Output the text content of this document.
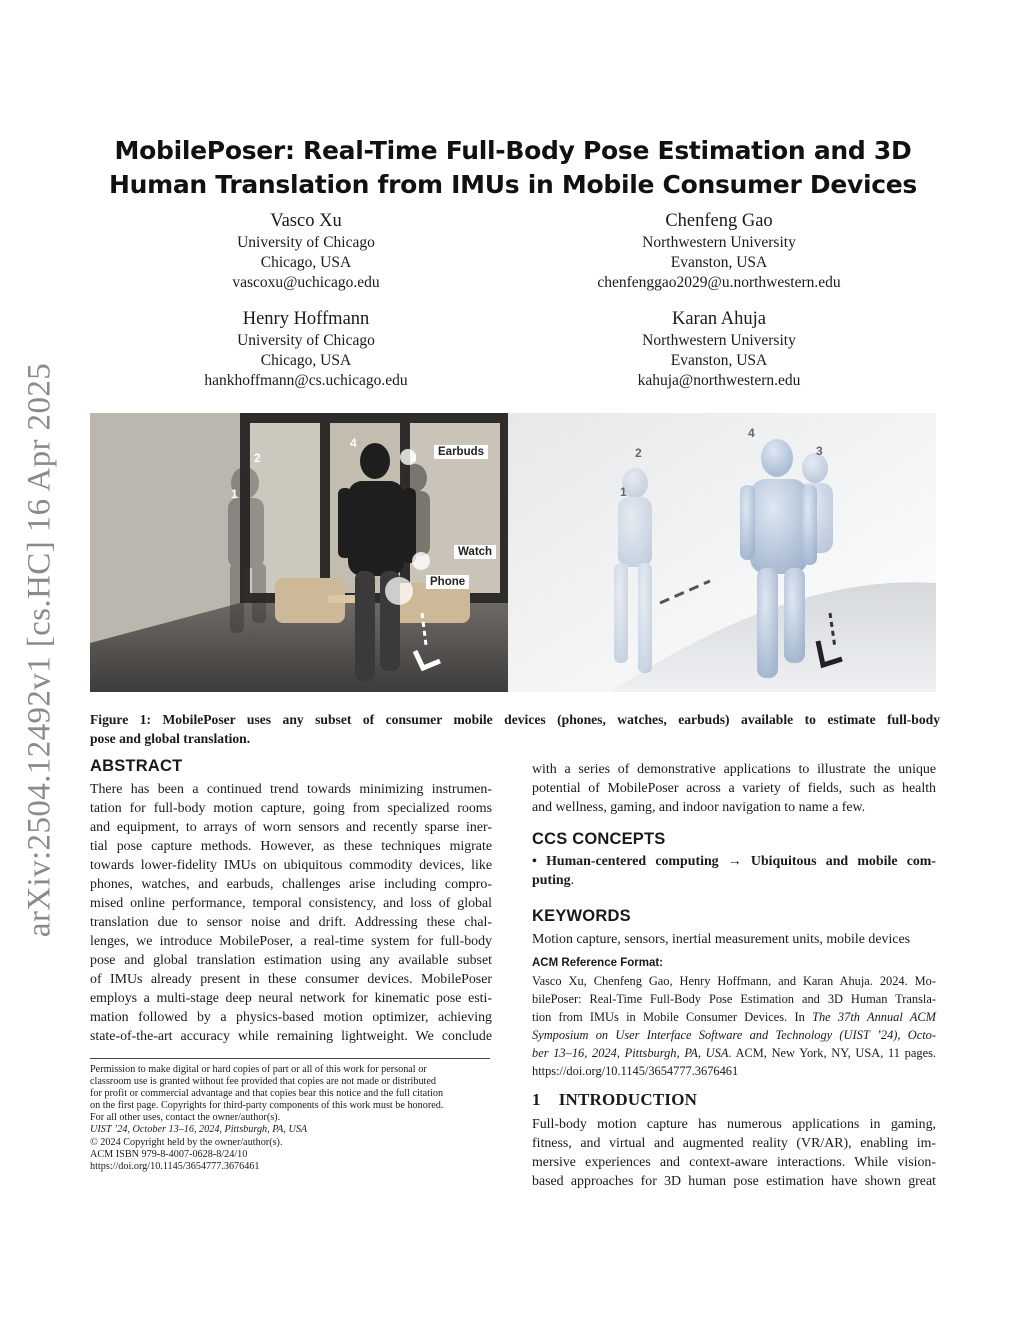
arXiv:2504.12492v1 [cs.HC] 16 Apr 2025
MobilePoser: Real-Time Full-Body Pose Estimation and 3D
Human Translation from IMUs in Mobile Consumer Devices
Vasco Xu
University of Chicago
Chicago, USA
vascoxu@uchicago.edu
Chenfeng Gao
Northwestern University
Evanston, USA
chenfenggao2029@u.northwestern.edu
Henry Hoffmann
University of Chicago
Chicago, USA
hankhoffmann@cs.uchicago.edu
Karan Ahuja
Northwestern University
Evanston, USA
kahuja@northwestern.edu
1
2	3
4
Earbuds
Watch
Phone
1
2	3
4
Figure 1: MobilePoser uses any subset of consumer mobile devices (phones, watches, earbuds) available to estimate full-body
pose and global translation.
ABSTRACT
There has been a continued trend towards minimizing instrumen-
tation for full-body motion capture, going from specialized rooms
and equipment, to arrays of worn sensors and recently sparse iner-
tial pose capture methods. However, as these techniques migrate
towards lower-fidelity IMUs on ubiquitous commodity devices, like
phones, watches, and earbuds, challenges arise including compro-
mised online performance, temporal consistency, and loss of global
translation due to sensor noise and drift. Addressing these chal-
lenges, we introduce MobilePoser, a real-time system for full-body
pose and global translation estimation using any available subset
of IMUs already present in these consumer devices. MobilePoser
employs a multi-stage deep neural network for kinematic pose esti-
mation followed by a physics-based motion optimizer, achieving
state-of-the-art accuracy while remaining lightweight. We conclude
Permission to make digital or hard copies of part or all of this work for personal or
classroom use is granted without fee provided that copies are not made or distributed
for profit or commercial advantage and that copies bear this notice and the full citation
on the first page. Copyrights for third-party components of this work must be honored.
For all other uses, contact the owner/author(s).
UIST ’24, October 13–16, 2024, Pittsburgh, PA, USA
© 2024 Copyright held by the owner/author(s).
ACM ISBN 979-8-4007-0628-8/24/10
https://doi.org/10.1145/3654777.3676461
with a series of demonstrative applications to illustrate the unique
potential of MobilePoser across a variety of fields, such as health
and wellness, gaming, and indoor navigation to name a few.
CCS CONCEPTS
• Human-centered computing → Ubiquitous and mobile com-
puting.
KEYWORDS
Motion capture, sensors, inertial measurement units, mobile devices
ACM Reference Format:
Vasco Xu, Chenfeng Gao, Henry Hoffmann, and Karan Ahuja. 2024. Mo-
bilePoser: Real-Time Full-Body Pose Estimation and 3D Human Transla-
tion from IMUs in Mobile Consumer Devices. In The 37th Annual ACM
Symposium on User Interface Software and Technology (UIST ’24), Octo-
ber 13–16, 2024, Pittsburgh, PA, USA. ACM, New York, NY, USA, 11 pages.
https://doi.org/10.1145/3654777.3676461
1 INTRODUCTION
Full-body motion capture has numerous applications in gaming,
fitness, and virtual and augmented reality (VR/AR), enabling im-
mersive experiences and context-aware interactions. While vision-
based approaches for 3D human pose estimation have shown great
